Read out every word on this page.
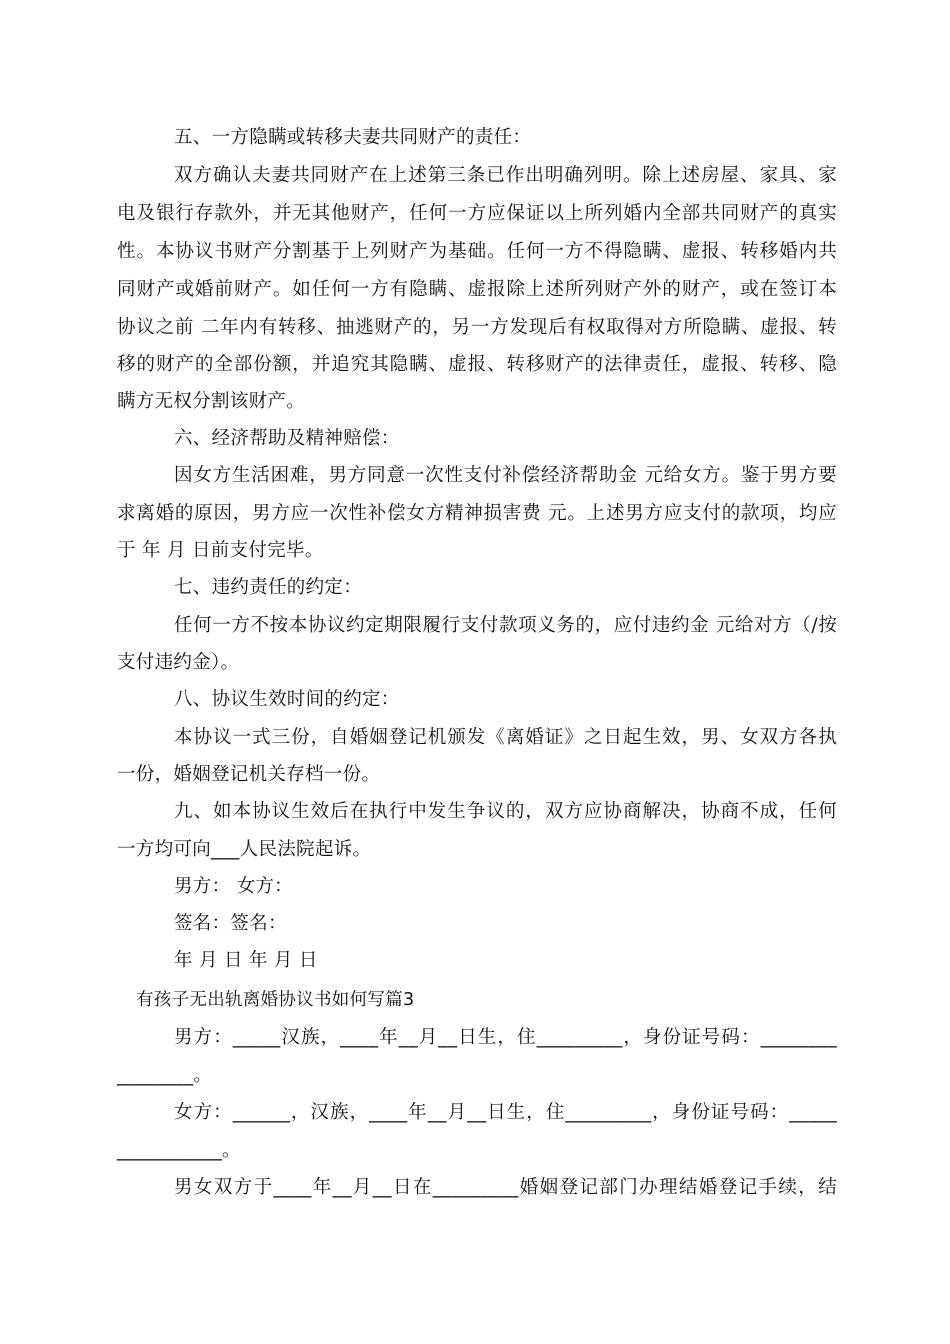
五、一方隐瞒或转移夫妻共同财产的责任：
双方确认夫妻共同财产在上述第三条已作出明确列明。除上述房屋、家具、家
电及银行存款外，并无其他财产，任何一方应保证以上所列婚内全部共同财产的真实
性。本协议书财产分割基于上列财产为基础。任何一方不得隐瞒、虚报、转移婚内共
同财产或婚前财产。如任何一方有隐瞒、虚报除上述所列财产外的财产，或在签订本
协议之前 二年内有转移、抽逃财产的，另一方发现后有权取得对方所隐瞒、虚报、转
移的财产的全部份额，并追究其隐瞒、虚报、转移财产的法律责任，虚报、转移、隐
瞒方无权分割该财产。
六、经济帮助及精神赔偿：
因女方生活困难，男方同意一次性支付补偿经济帮助金 元给女方。鉴于男方要
求离婚的原因，男方应一次性补偿女方精神损害费 元。上述男方应支付的款项，均应
于 年 月 日前支付完毕。
七、违约责任的约定：
任何一方不按本协议约定期限履行支付款项义务的，应付违约金 元给对方（/按
支付违约金）。
八、协议生效时间的约定：
本协议一式三份，自婚姻登记机颁发《离婚证》之日起生效，男、女双方各执
一份，婚姻登记机关存档一份。
九、如本协议生效后在执行中发生争议的，双方应协商解决，协商不成，任何
一方均可向___人民法院起诉。
男方： 女方：
签名：签名：
年 月 日 年 月 日
有孩子无出轨离婚协议书如何写篇3
男方：_____汉族，____年__月__日生，住_________，身份证号码：________
________。
女方：______，汉族，____年__月__日生，住_________，身份证号码：_____
___________。
男女双方于____年__月__日在_________婚姻登记部门办理结婚登记手续，结
